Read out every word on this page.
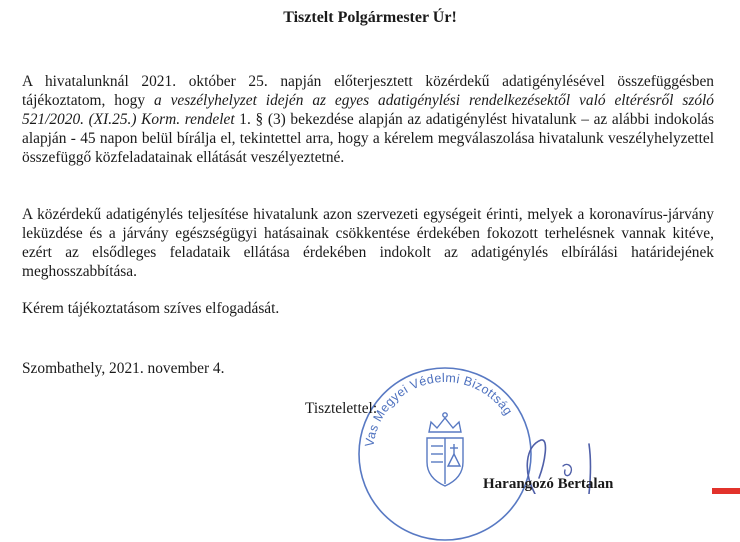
Tisztelt Polgármester Úr!

A hivatalunknál 2021. október 25. napján előterjesztett közérdekű adatigénylésével összefüggésben tájékoztatom, hogy a veszélyhelyzet idején az egyes adatigénylési rendelkezésektől való eltérésről szóló 521/2020. (XI.25.) Korm. rendelet 1. § (3) bekezdése alapján az adatigénylést hivatalunk – az alábbi indokolás alapján - 45 napon belül bírálja el, tekintettel arra, hogy a kérelem megválaszolása hivatalunk veszélyhelyzettel összefüggő közfeladatainak ellátását veszélyeztetné.

A közérdekű adatigénylés teljesítése hivatalunk azon szervezeti egységeit érinti, melyek a koronavírus-járvány leküzdése és a járvány egészségügyi hatásainak csökkentése érdekében fokozott terhelésnek vannak kitéve, ezért az elsődleges feladataik ellátása érdekében indokolt az adatigénylés elbírálási határidejének meghosszabbítása.

Kérem tájékoztatásom szíves elfogadását.

Szombathely, 2021. november 4.

Vas Megyei Védelmi Bizottság
Tisztelettel:
Harangozó Bertalan
